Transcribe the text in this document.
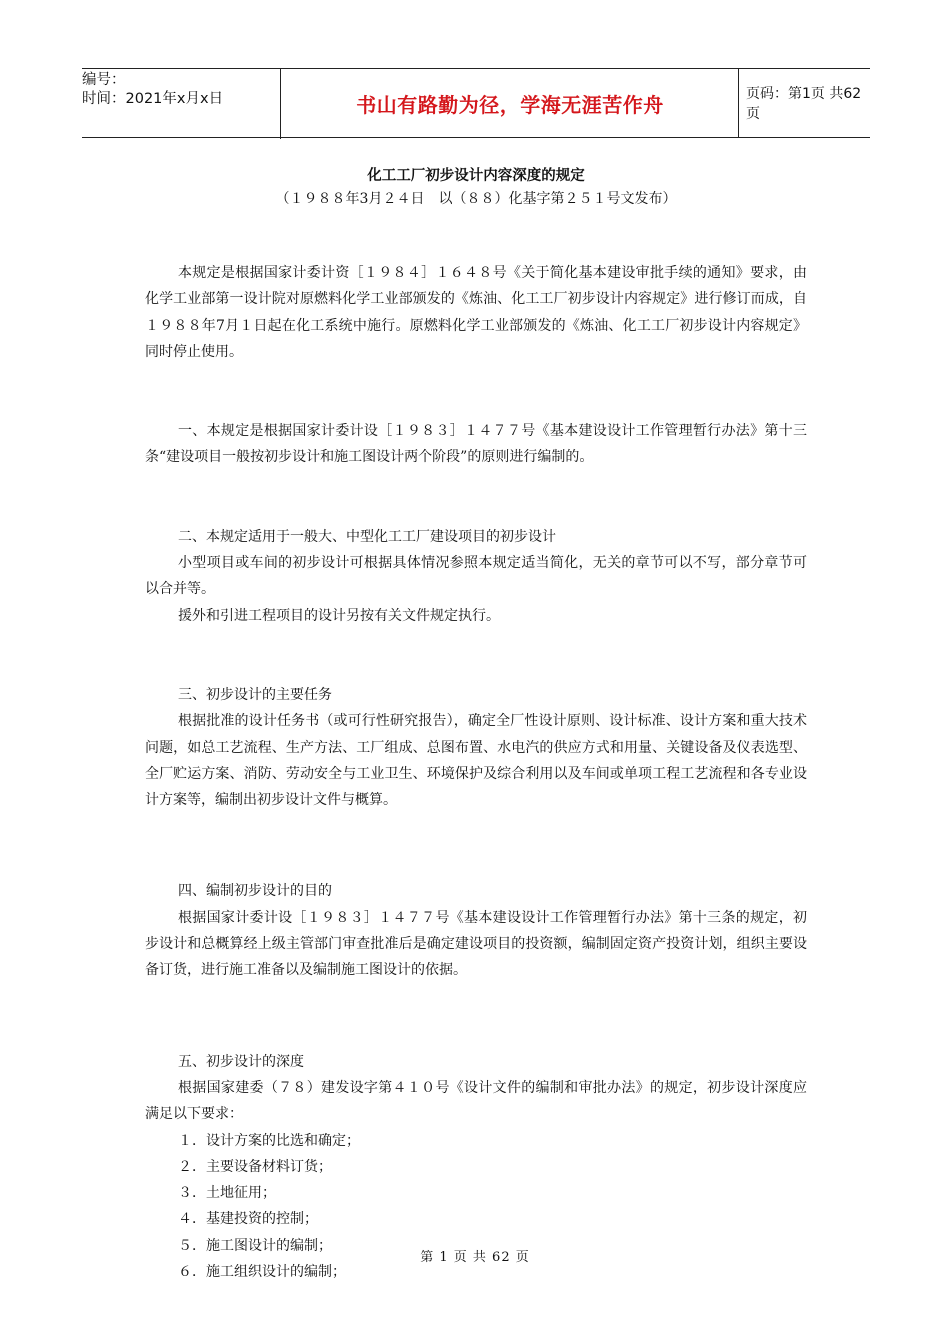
编号：
时间：2021年x月x日	书山有路勤为径，学海无涯苦作舟	页码：第1页 共62页
化工工厂初步设计内容深度的规定
（１９８８年3月２４日　以（８８）化基字第２５１号文发布）

本规定是根据国家计委计资［１９８４］１６４８号《关于简化基本建设审批手续的通知》要求，由化学工业部第一设计院对原燃料化学工业部颁发的《炼油、化工工厂初步设计内容规定》进行修订而成，自１９８８年7月１日起在化工系统中施行。原燃料化学工业部颁发的《炼油、化工工厂初步设计内容规定》同时停止使用。

一、本规定是根据国家计委计设［１９８３］１４７７号《基本建设设计工作管理暂行办法》第十三条“建设项目一般按初步设计和施工图设计两个阶段”的原则进行编制的。

二、本规定适用于一般大、中型化工工厂建设项目的初步设计

小型项目或车间的初步设计可根据具体情况参照本规定适当简化，无关的章节可以不写，部分章节可以合并等。

援外和引进工程项目的设计另按有关文件规定执行。

三、初步设计的主要任务

根据批准的设计任务书（或可行性研究报告），确定全厂性设计原则、设计标准、设计方案和重大技术问题，如总工艺流程、生产方法、工厂组成、总图布置、水电汽的供应方式和用量、关键设备及仪表选型、全厂贮运方案、消防、劳动安全与工业卫生、环境保护及综合利用以及车间或单项工程工艺流程和各专业设计方案等，编制出初步设计文件与概算。

四、编制初步设计的目的

根据国家计委计设［１９８３］１４７７号《基本建设设计工作管理暂行办法》第十三条的规定，初步设计和总概算经上级主管部门审查批准后是确定建设项目的投资额，编制固定资产投资计划，组织主要设备订货，进行施工准备以及编制施工图设计的依据。

五、初步设计的深度

根据国家建委（７８）建发设字第４１０号《设计文件的编制和审批办法》的规定，初步设计深度应满足以下要求：

１．设计方案的比选和确定；

２．主要设备材料订货；

３．土地征用；

４．基建投资的控制；

５．施工图设计的编制；

６．施工组织设计的编制；

第 1 页 共 62 页
